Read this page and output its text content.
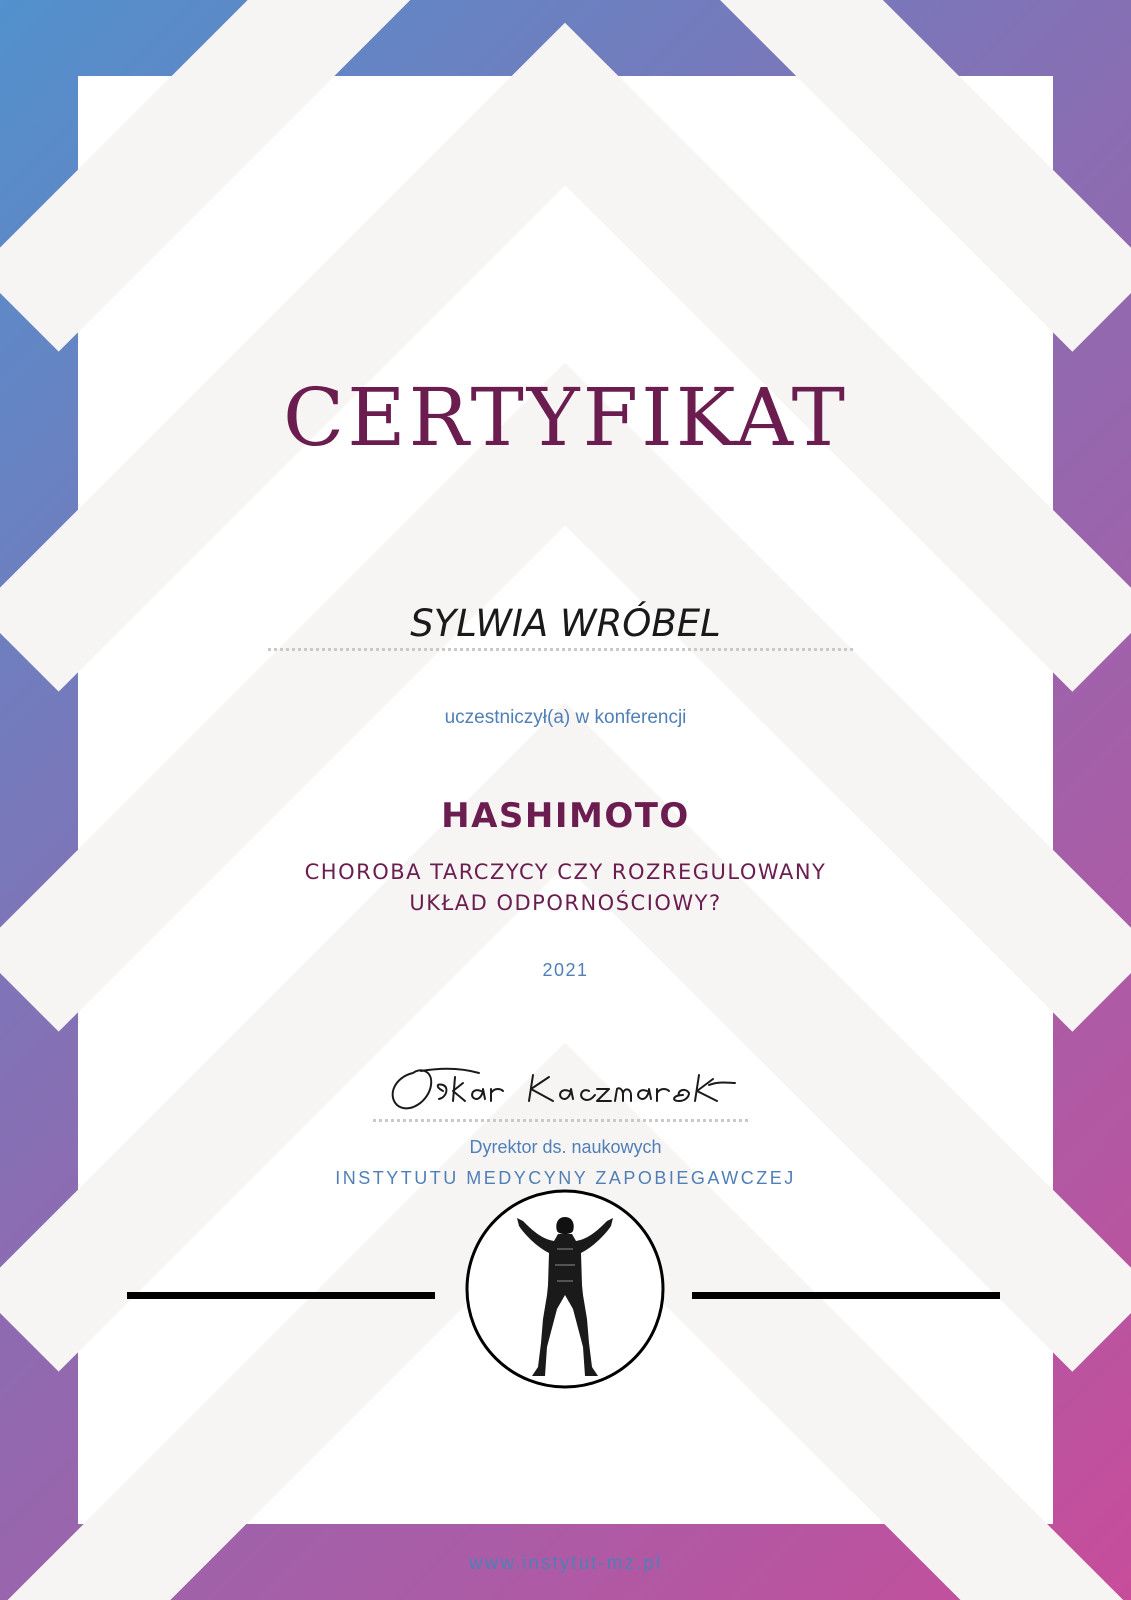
CERTYFIKAT
SYLWIA WRÓBEL
uczestniczył(a) w konferencji
HASHIMOTO
CHOROBA TARCZYCY CZY ROZREGULOWANY
UKŁAD ODPORNOŚCIOWY?
2021
Dyrektor ds. naukowych
INSTYTUTU MEDYCYNY ZAPOBIEGAWCZEJ
www.instytut-mz.pl
